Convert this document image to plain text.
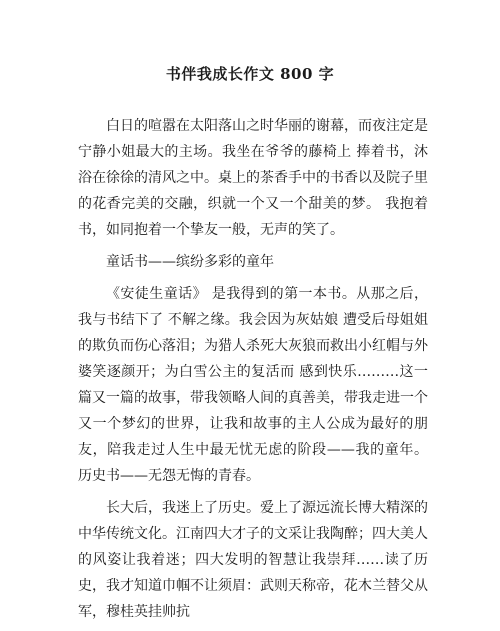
书伴我成长作文 800 字

白日的喧嚣在太阳落山之时华丽的谢幕，而夜注定是宁静小姐最大的主场。我坐在爷爷的藤椅上 捧着书，沐浴在徐徐的清风之中。桌上的茶香手中的书香以及院子里的花香完美的交融，织就一个又一个甜美的梦。 我抱着书，如同抱着一个挚友一般，无声的笑了。

童话书——缤纷多彩的童年

《安徒生童话》 是我得到的第一本书。从那之后，我与书结下了 不解之缘。我会因为灰姑娘 遭受后母姐姐的欺负而伤心落泪；为猎人杀死大灰狼而救出小红帽与外婆笑逐颜开；为白雪公主的复活而 感到快乐………这一篇又一篇的故事，带我领略人间的真善美，带我走进一个又一个梦幻的世界，让我和故事的主人公成为最好的朋友，陪我走过人生中最无忧无虑的阶段——我的童年。 历史书——无怨无悔的青春。

长大后，我迷上了历史。爱上了源远流长博大精深的中华传统文化。江南四大才子的文采让我陶醉；四大美人的风姿让我着迷；四大发明的智慧让我崇拜……读了历史，我才知道巾帼不让须眉：武则天称帝，花木兰替父从军，穆桂英挂帅抗
